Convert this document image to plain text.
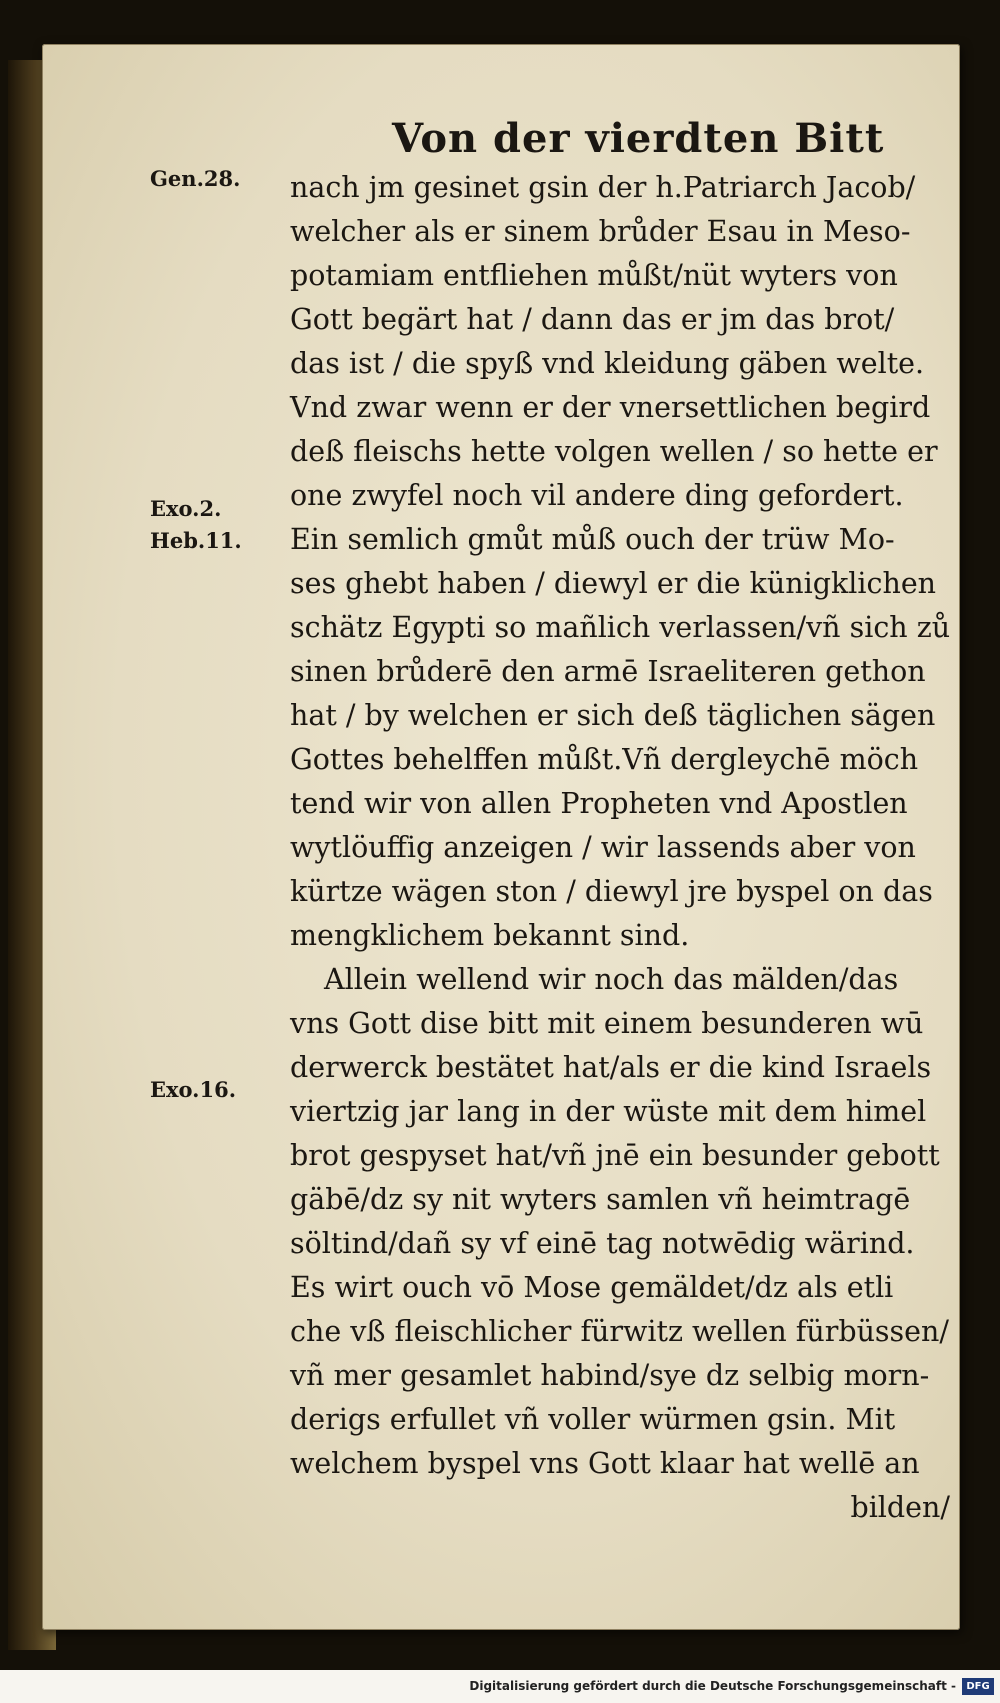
Von der vierdten Bitt
Gen.28.
Exo.2.
Heb.11.
Exo.16.
nach jm gesinet gsin der h.Patriarch Jacob/
welcher als er sinem brůder Esau in Meso-
potamiam entfliehen můßt/nüt wyters von
Gott begärt hat / dann das er jm das brot/
das ist / die spyß vnd kleidung gäben welte.
Vnd zwar wenn er der vnersettlichen begird
deß fleischs hette volgen wellen / so hette er
one zwyfel noch vil andere ding gefordert.
Ein semlich gmůt můß ouch der trüw Mo-
ses ghebt haben / diewyl er die künigklichen
schätz Egypti so mañlich verlassen/vñ sich zů
sinen brůderē den armē Israeliteren gethon
hat / by welchen er sich deß täglichen sägen
Gottes behelffen můßt.Vñ dergleychē möch
tend wir von allen Propheten vnd Apostlen
wytlöuffig anzeigen / wir lassends aber von
kürtze wägen ston / diewyl jre byspel on das
mengklichem bekannt sind.
Allein wellend wir noch das mälden/das
vns Gott dise bitt mit einem besunderen wū
derwerck bestätet hat/als er die kind Israels
viertzig jar lang in der wüste mit dem himel
brot gespyset hat/vñ jnē ein besunder gebott
gäbē/dz sy nit wyters samlen vñ heimtragē
söltind/dañ sy vf einē tag notwēdig wärind.
Es wirt ouch vō Mose gemäldet/dz als etli
che vß fleischlicher fürwitz wellen fürbüssen/
vñ mer gesamlet habind/sye dz selbig morn-
derigs erfullet vñ voller würmen gsin. Mit
welchem byspel vns Gott klaar hat wellē an
bilden/
Digitalisierung gefördert durch die Deutsche Forschungsgemeinschaft -	DFG
